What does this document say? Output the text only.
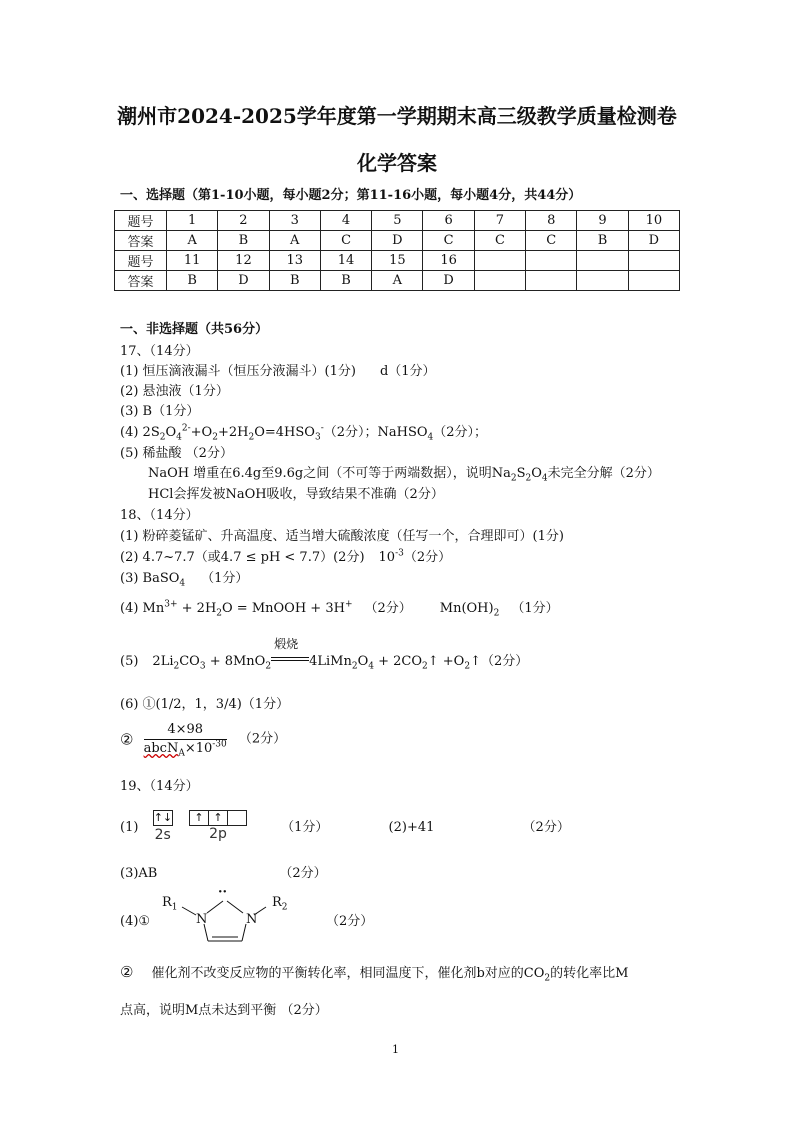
潮州市2024-2025学年度第一学期期末高三级教学质量检测卷
化学答案
一、选择题（第1-10小题，每小题2分；第11-16小题，每小题4分，共44分）
题号	1	2	3	4	5	6	7	8	9	10
答案	A	B	A	C	D	C	C	C	B	D
题号	11	12	13	14	15	16				
答案	B	D	B	B	A	D				
一、非选择题（共56分）
17、（14分）
(1) 恒压滴液漏斗（恒压分液漏斗）(1分) d（1分）
(2) 悬浊液（1分）
(3) B（1分）
(4) $2S_2O_4^{2-}+O_2+2H_2O=4HSO_3^-(2$分）；NaHSO$_4$（2分）；
(5) 稀盐酸 （2分）
NaOH 增重在6.4g至9.6g之间（不可等于两端数据），说明$Na_2S_2O_4$未完全分解（2分）
HCl会挥发被NaOH吸收，导致结果不准确（2分）
18、（14分）
(1) 粉碎菱锰矿、升高温度、适当增大硫酸浓度（任写一个，合理即可）(1分)
(2) 4.7~7.7（或4.7 ≤ pH < 7.7）(2分) $10^{-3}(2$分）
(3) BaSO$_4$ （1分）
(4) $Mn^{3+} + 2H_2O$ = MnOOH + 3H+ （2分） $Mn(OH)_2$ （1分）
(5) $2Li_2CO_3 + 8MnO_2$
煅烧
$4LiMn_2O_4$ + $2CO_2↑$ $+O_2↑(2$分）
(6) ①(1/2，1，3/4)（1分）
② $\frac{4\times 98}{abcN_A\times 10^{-30}} (2$分）
19、（14分）
(1)  ↑↓
2s
↑ ↑

2p	（1分）	(2)+41	（2分）
(3)AB	（2分）
(4)①
$R_1$
N
··
N
$R_2$
（2分）
② 催化剂不改变反应物的平衡转化率，相同温度下，催化剂b对应的$CO_2$的转化率比M
点高，说明M点未达到平衡 （2分）
1
